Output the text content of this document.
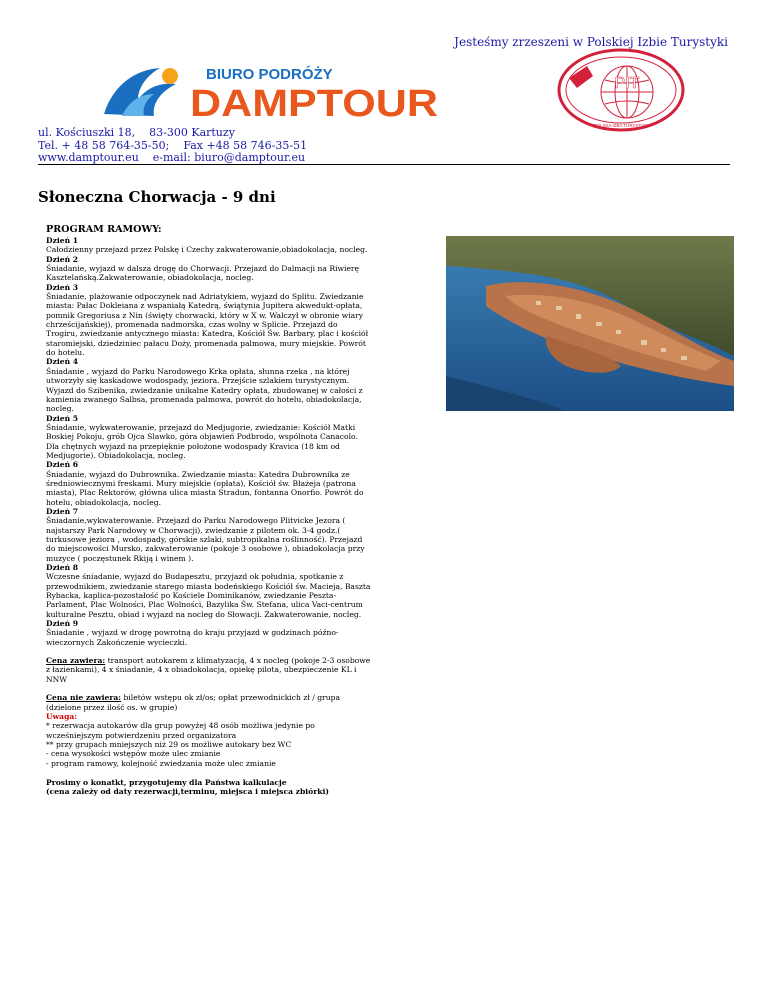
Jesteśmy zrzeszeni w Polskiej Izbie Turystyki
BIURO PODRÓŻY
DAMPTOUR	PIT
POLSKA IZBA TURYSTYKI
ul. Kościuszki 18,    83-300 Kartuzy
Tel. + 48 58 764-35-50;    Fax +48 58 746-35-51
www.damptour.eu    e-mail: biuro@damptour.eu
Słoneczna Chorwacja - 9 dni
PROGRAM RAMOWY:
Dzień 1
Całodzienny przejazd przez Polskę i Czechy zakwaterowanie,obiadokolacja, nocleg.
Dzień 2
Śniadanie, wyjazd w dalsza drogę do Chorwacji. Przejazd do Dalmacji na Riwierę Kasztelańską.Zakwaterowanie, obiadokolacja, nocleg.
Dzień 3
Śniadanie, plażowanie odpoczynek nad Adriatykiem, wyjazd do Splitu. Zwiedzanie miasta: Pałac Dokleiana z wspaniałą Katedrą, świątynia Jupitera akwedukt-opłata, pomnik Gregoriusa z Nin (święty chorwacki, który w X w. Walczył w obronie wiary chrześcijańskiej), promenada nadmorska, czas wolny w Splicie. Przejazd do Trogiru, zwiedzanie antycznego miasta: Katedra, Kościół Św. Barbary, plac i kościół staromiejski, dziedziniec pałacu Doży, promenada palmowa, mury miejskie. Powrót do hotelu.
Dzień 4
Śniadanie , wyjazd do Parku Narodowego Krka opłata, słunna rzeka , na której utworzyły się kaskadowe wodospady, jeziora. Przejście szlakiem turystycznym. Wyjazd do Szibenika, zwiedzanie unikalne Katedry opłata, zbudowanej w całości z kamienia zwanego Salbsa, promenada palmowa, powrót do hotelu, obiadokolacja, nocleg.
Dzień 5
Śniadanie, wykwaterowanie, przejazd do Medjugorie, zwiedzanie: Kościół Matki Boskiej Pokoju, grób Ojca Slawko, góra objawień Podbrodo, wspólnota Canacolo. Dla chętnych wyjazd na przepięknie położone wodospady Kravica (18 km od Medjugorie). Obiadokolacja, nocleg.
Dzień 6
Śniadanie, wyjazd do Dubrownika. Zwiedzanie miasta: Katedra Dubrownika ze średniowiecznymi freskami. Mury miejskie (opłata), Kościół św. Błażeja (patrona miasta), Plac Rektorów, główna ulica miasta Stradun, fontanna Onorfio. Powrót do hotelu, obiadokolacja, nocleg.
Dzień 7
Śniadanie,wykwaterowanie. Przejazd do Parku Narodowego Plitvicke Jezora ( najstarszy Park Narodowy w Chorwacji), zwiedzanie z pilotem ok. 3-4 godz.( turkusowe jeziora , wodospady, górskie szlaki, subtropikalna roślinność). Przejazd do miejscowości Mursko, zakwaterowanie (pokoje 3 osobowe ), obiadokolacja przy muzyce ( poczęstunek Rkiją i winem ).
Dzień 8
Wczesne śniadanie, wyjazd do Budapesztu, przyjazd ok południa, spotkanie z przewodnikiem, zwiedzanie starego miasta bodeńskiego Kościół św. Macieja, Baszta Rybacka, kaplica-pozostałość po Kościele Dominikanów, zwiedzanie Peszta-Parlament, Plac Wolności, Plac Wolności, Bazylika Św. Stefana, ulica Vaci-centrum kulturalne Pesztu, obiad i wyjazd na nocleg do Słowacji. Zakwaterowanie, nocleg.
Dzień 9
Śniadanie , wyjazd w drogę powrotną do kraju przyjazd w godzinach późno-wieczornych Zakończenie wycieczki.
Cena zawiera: transport autokarem z klimatyzacją, 4 x nocleg (pokoje 2-3 osobowe z łazienkami), 4 x śniadanie, 4 x obiadokolacja, opiekę pilota, ubezpieczenie KL i NNW
Cena nie zawiera: biletów wstępu ok zł/os; opłat przewodnickich zł / grupa (dzielone przez ilość os. w grupie)
Uwaga:
* rezerwacja autokarów dla grup powyżej 48 osób możliwa jedynie po wcześniejszym potwierdzeniu przed organizatora
** przy grupach mniejszych niż 29 os możliwe autokary bez WC
- cena wysokości wstępów może ulec zmianie
- program ramowy, kolejność zwiedzania może ulec zmianie
Prosimy o konatkt, przygotujemy dla Państwa kalkulacje
(cena zależy od daty rezerwacji,terminu, miejsca i miejsca zbiórki)
